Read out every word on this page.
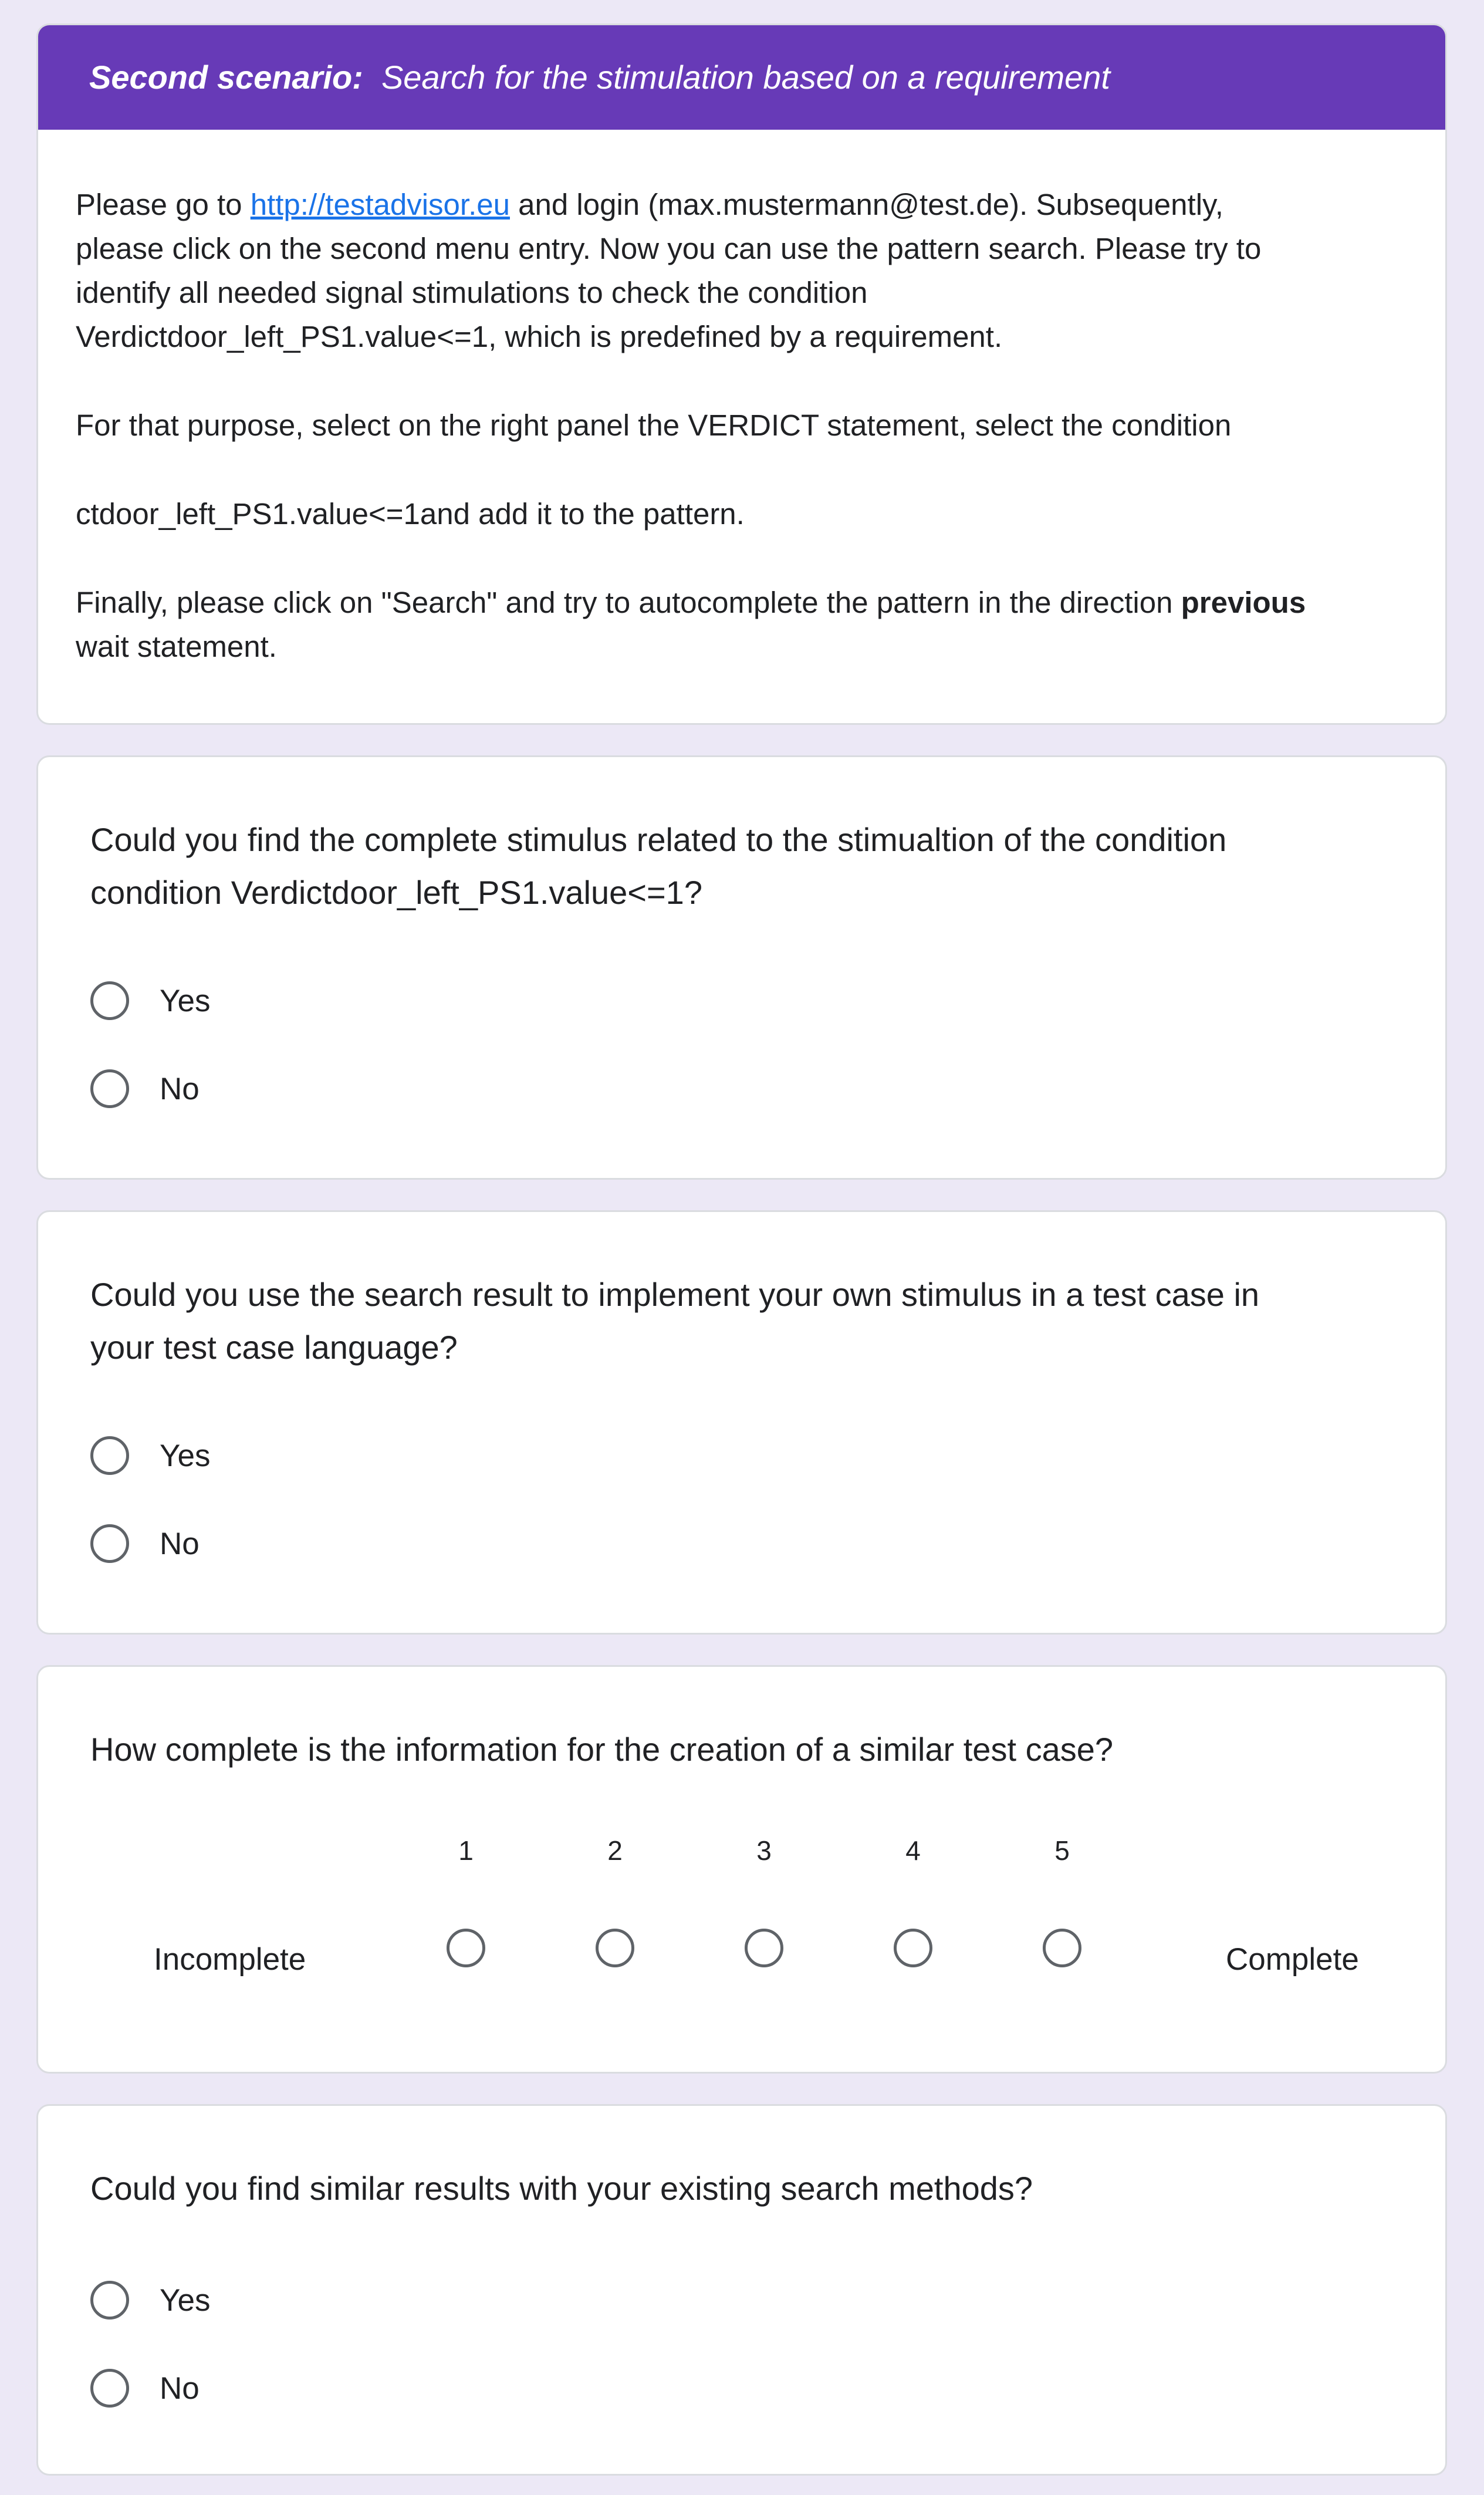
Second scenario: Search for the stimulation based on a requirement

Please go to http://testadvisor.eu and login (max.mustermann@test.de). Subsequently,
please click on the second menu entry. Now you can use the pattern search. Please try to
identify all needed signal stimulations to check the condition
Verdictdoor_left_PS1.value<=1, which is predefined by a requirement.

For that purpose, select on the right panel the VERDICT statement, select the condition

ctdoor_left_PS1.value<=1and add it to the pattern.

Finally, please click on "Search" and try to autocomplete the pattern in the direction previous
wait statement.

Could you find the complete stimulus related to the stimualtion of the condition
condition Verdictdoor_left_PS1.value<=1?
Yes
No
Could you use the search result to implement your own stimulus in a test case in
your test case language?
Yes
No
How complete is the information for the creation of a similar test case?
Incomplete
1	2	3	4	5
Complete
Could you find similar results with your existing search methods?
Yes
No
